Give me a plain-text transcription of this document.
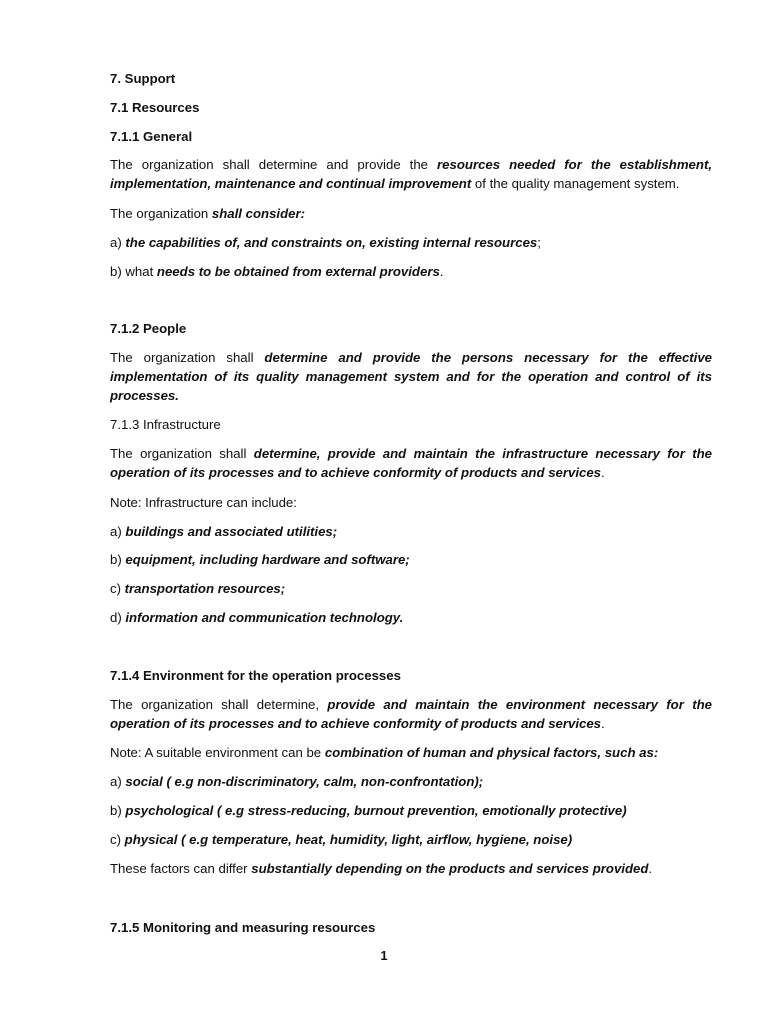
7. Support

7.1 Resources

7.1.1 General

The organization shall determine and provide the resources needed for the establishment,

implementation, maintenance and continual improvement of the quality management system.

The organization shall consider:

a) the capabilities of, and constraints on, existing internal resources;

b) what needs to be obtained from external providers.

7.1.2 People

The organization shall determine and provide the persons necessary for the effective

implementation of its quality management system and for the operation and control of its

processes.

7.1.3 Infrastructure

The organization shall determine, provide and maintain the infrastructure necessary for the

operation of its processes and to achieve conformity of products and services.

Note: Infrastructure can include:

a) buildings and associated utilities;

b) equipment, including hardware and software;

c) transportation resources;

d) information and communication technology.

7.1.4 Environment for the operation processes

The organization shall determine, provide and maintain the environment necessary for the

operation of its processes and to achieve conformity of products and services.

Note: A suitable environment can be combination of human and physical factors, such as:

a) social ( e.g non-discriminatory, calm, non-confrontation);

b) psychological ( e.g stress-reducing, burnout prevention, emotionally protective)

c) physical ( e.g temperature, heat, humidity, light, airflow, hygiene, noise)

These factors can differ substantially depending on the products and services provided.

7.1.5 Monitoring and measuring resources

1
